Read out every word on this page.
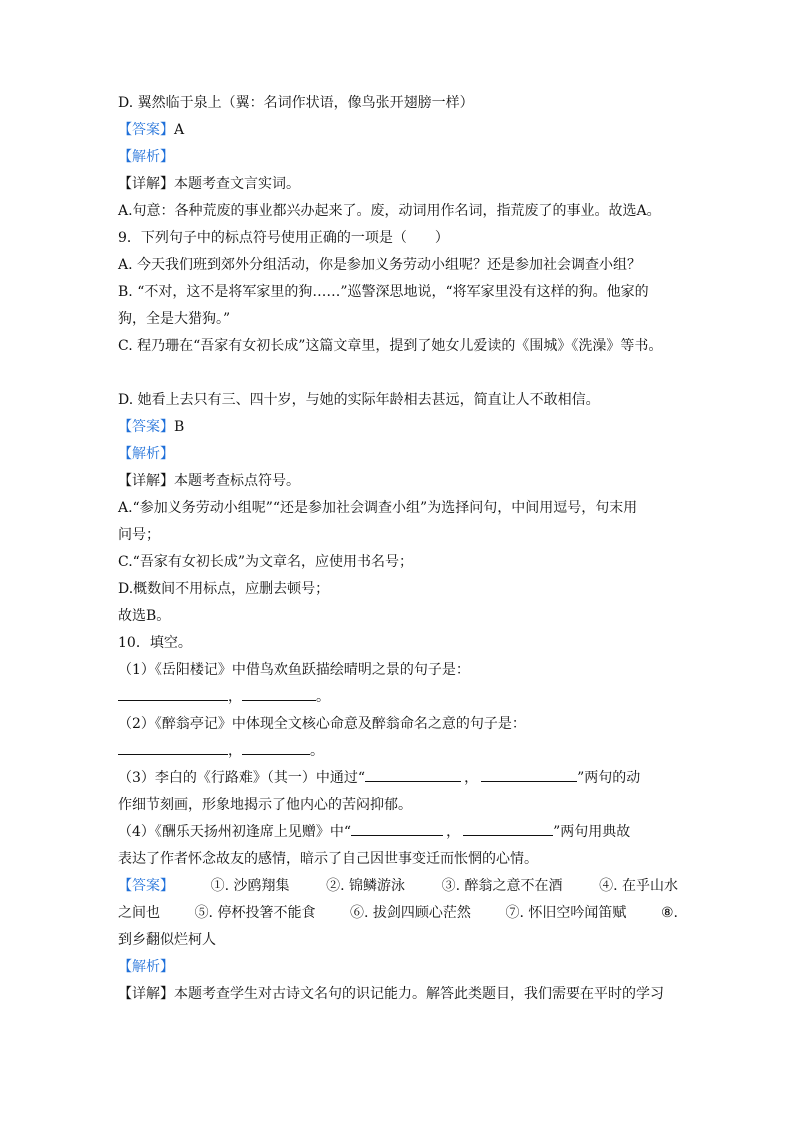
D. 翼然临于泉上（翼：名词作状语，像鸟张开翅膀一样）
【答案】A
【解析】
【详解】本题考查文言实词。
A.句意：各种荒废的事业都兴办起来了。废，动词用作名词，指荒废了的事业。故选A。
9．下列句子中的标点符号使用正确的一项是（　　）
A. 今天我们班到郊外分组活动，你是参加义务劳动小组呢？还是参加社会调查小组？
B. “不对，这不是将军家里的狗……”巡警深思地说，“将军家里没有这样的狗。他家的
狗，全是大猎狗。”
C. 程乃珊在“吾家有女初长成”这篇文章里，提到了她女儿爱读的《围城》《洗澡》等书。
D. 她看上去只有三、四十岁，与她的实际年龄相去甚远，简直让人不敢相信。
【答案】B
【解析】
【详解】本题考查标点符号。
A.“参加义务劳动小组呢”“还是参加社会调查小组”为选择问句，中间用逗号，句末用
问号；
C.“吾家有女初长成”为文章名，应使用书名号；
D.概数间不用标点，应删去顿号；
故选B。
10．填空。
（1）《岳阳楼记》中借鸟欢鱼跃描绘晴明之景的句子是：
，	。
（2）《醉翁亭记》中体现全文核心命意及醉翁命名之意的句子是：
，	。
（3）李白的《行路难》（其一）中通过“	，	”两句的动
作细节刻画，形象地揭示了他内心的苦闷抑郁。
（4）《酬乐天扬州初逢席上见赠》中“	，	”两句用典故
表达了作者怀念故友的感情，暗示了自己因世事变迁而怅惘的心情。
【答案】	①. 沙鸥翔集	②. 锦鳞游泳	③. 醉翁之意不在酒	④. 在乎山水
之间也 ⑤. 停杯投箸不能食 ⑥. 拔剑四顾心茫然 ⑦. 怀旧空吟闻笛赋 ⑧.
到乡翻似烂柯人
【解析】
【详解】本题考查学生对古诗文名句的识记能力。解答此类题目，我们需要在平时的学习
